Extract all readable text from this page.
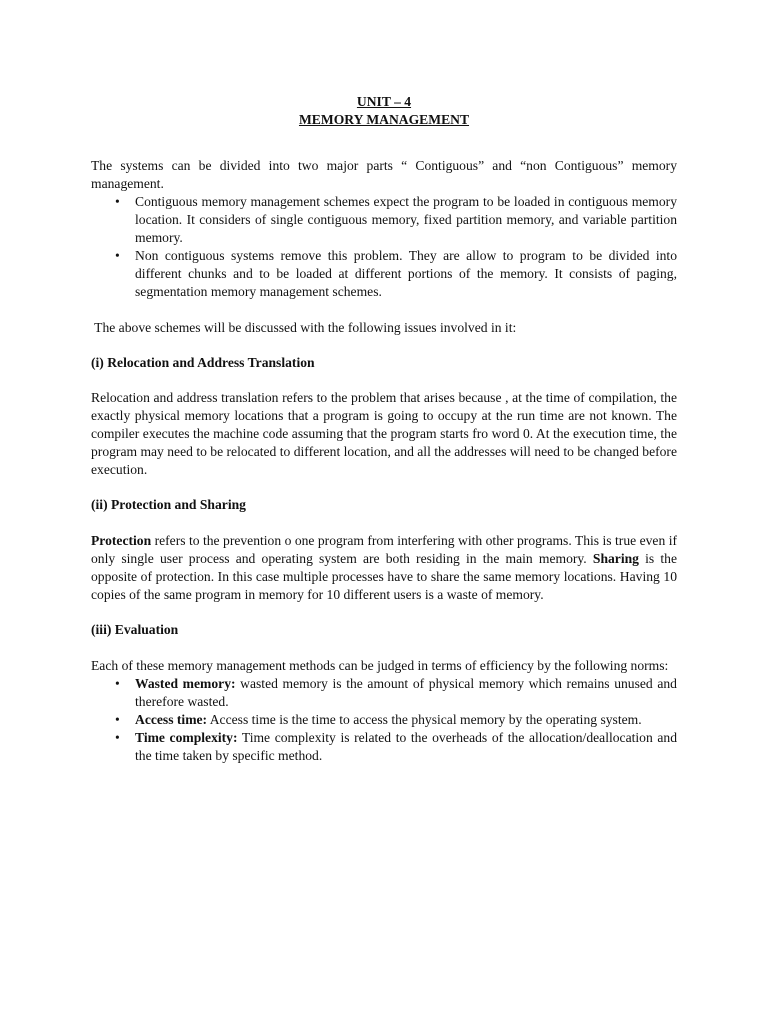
UNIT – 4

MEMORY MANAGEMENT

The systems can be divided into two major parts “ Contiguous” and “non Contiguous” memory management.

• Contiguous memory management schemes expect the program to be loaded in contiguous memory location. It considers of single contiguous memory, fixed partition memory, and variable partition memory.
• Non contiguous systems remove this problem. They are allow to program to be divided into different chunks and to be loaded at different portions of the memory. It consists of paging, segmentation memory management schemes.

The above schemes will be discussed with the following issues involved in it:

(i) Relocation and Address Translation

Relocation and address translation refers to the problem that arises because , at the time of compilation, the exactly physical memory locations that a program is going to occupy at the run time are not known. The compiler executes the machine code assuming that the program starts fro word 0. At the execution time, the program may need to be relocated to different location, and all the addresses will need to be changed before execution.

(ii) Protection and Sharing

Protection refers to the prevention o one program from interfering with other programs. This is true even if only single user process and operating system are both residing in the main memory. Sharing is the opposite of protection. In this case multiple processes have to share the same memory locations. Having 10 copies of the same program in memory for 10 different users is a waste of memory.

(iii) Evaluation

Each of these memory management methods can be judged in terms of efficiency by the following norms:

• Wasted memory: wasted memory is the amount of physical memory which remains unused and therefore wasted.
• Access time: Access time is the time to access the physical memory by the operating system.
• Time complexity: Time complexity is related to the overheads of the allocation/deallocation and the time taken by specific method.
